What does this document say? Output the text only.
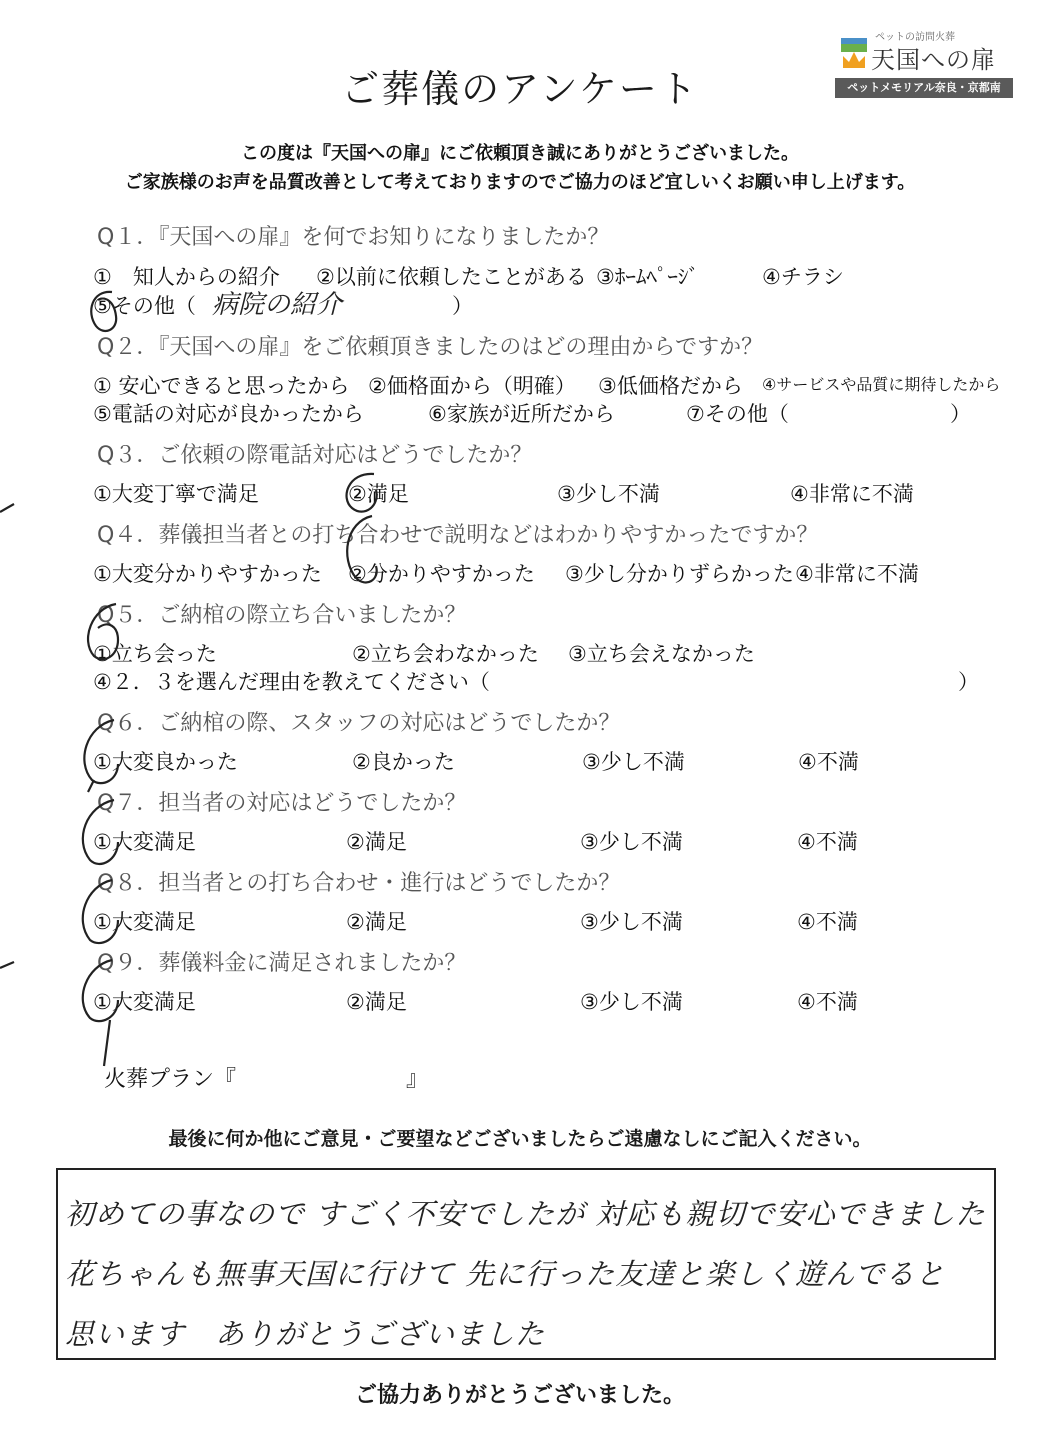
ご葬儀のアンケート
ペットの訪問火葬
天国への扉
ペットメモリアル奈良・京都南
この度は『天国への扉』にご依頼頂き誠にありがとうございました。
ご家族様のお声を品質改善として考えておりますのでご協力のほど宜しいくお願い申し上げます。
Q１．『天国への扉』を何でお知りになりましたか？
①　知人からの紹介 ②以前に依頼したことがある ③ﾎｰﾑﾍﾟｰｼﾞ	④チラシ
⑤その他（ 病院の紹介	）
Q２．『天国への扉』をご依頼頂きましたのはどの理由からですか？
① 安心できると思ったから ②価格面から（明確） ③低価格だから ④サービスや品質に期待したから
⑤電話の対応が良かったから	⑥家族が近所だから	⑦その他（	）
Q３．ご依頼の際電話対応はどうでしたか？
①大変丁寧で満足	②満足	③少し不満	④非常に不満
Q４．葬儀担当者との打ち合わせで説明などはわかりやすかったですか？
①大変分かりやすかった ②分かりやすかった ③少し分かりずらかった ④非常に不満
Q５．ご納棺の際立ち合いましたか？
①立ち会った	②立ち会わなかった ③立ち会えなかった
④２．３を選んだ理由を教えてください（	）
Q６．ご納棺の際、スタッフの対応はどうでしたか？
①大変良かった	②良かった	③少し不満	④不満
Q７．担当者の対応はどうでしたか？
①大変満足	②満足	③少し不満	④不満
Q８．担当者との打ち合わせ・進行はどうでしたか？
①大変満足	②満足	③少し不満	④不満
Q９．葬儀料金に満足されましたか？
①大変満足	②満足	③少し不満	④不満
火葬プラン『	』
最後に何か他にご意見・ご要望などございましたらご遠慮なしにご記入ください。
初めての事なので すごく不安でしたが 対応も親切で安心できました
花ちゃんも無事天国に行けて 先に行った友達と楽しく遊んでると
思います　ありがとうございました
ご協力ありがとうございました。
